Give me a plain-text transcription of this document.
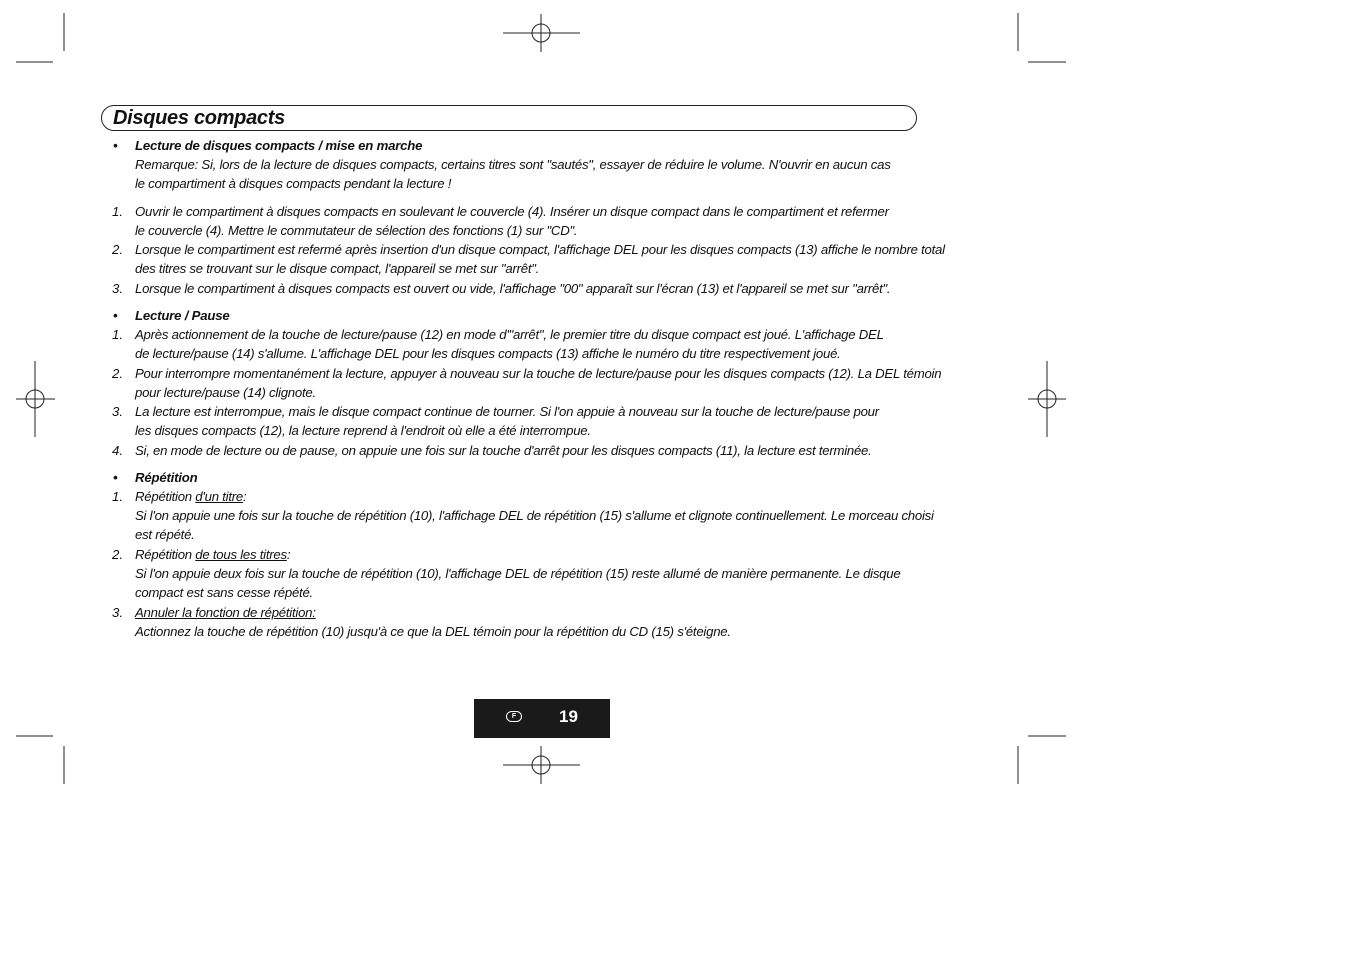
Disques compacts
• Lecture de disques compacts / mise en marche
Remarque: Si, lors de la lecture de disques compacts, certains titres sont "sautés", essayer de réduire le volume. N'ouvrir en aucun cas
le compartiment à disques compacts pendant la lecture !
1. Ouvrir le compartiment à disques compacts en soulevant le couvercle (4). Insérer un disque compact dans le compartiment et refermer
le couvercle (4). Mettre le commutateur de sélection des fonctions (1) sur "CD".
2. Lorsque le compartiment est refermé après insertion d'un disque compact, l'affichage DEL pour les disques compacts (13) affiche le nombre total
des titres se trouvant sur le disque compact, l'appareil se met sur "arrêt".
3. Lorsque le compartiment à disques compacts est ouvert ou vide, l'affichage "00" apparaît sur l'écran (13) et l'appareil se met sur "arrêt".
• Lecture / Pause
1. Après actionnement de la touche de lecture/pause (12) en mode d'"arrêt", le premier titre du disque compact est joué. L'affichage DEL
de lecture/pause (14) s'allume. L'affichage DEL pour les disques compacts (13) affiche le numéro du titre respectivement joué.
2. Pour interrompre momentanément la lecture, appuyer à nouveau sur la touche de lecture/pause pour les disques compacts (12). La DEL témoin
pour lecture/pause (14) clignote.
3. La lecture est interrompue, mais le disque compact continue de tourner. Si l'on appuie à nouveau sur la touche de lecture/pause pour
les disques compacts (12), la lecture reprend à l'endroit où elle a été interrompue.
4. Si, en mode de lecture ou de pause, on appuie une fois sur la touche d'arrêt pour les disques compacts (11), la lecture est terminée.
• Répétition
1. Répétition d'un titre:
Si l'on appuie une fois sur la touche de répétition (10), l'affichage DEL de répétition (15) s'allume et clignote continuellement. Le morceau choisi
est répété.
2. Répétition de tous les titres:
Si l'on appuie deux fois sur la touche de répétition (10), l'affichage DEL de répétition (15) reste allumé de manière permanente. Le disque
compact est sans cesse répété.
3. Annuler la fonction de répétition:
Actionnez la touche de répétition (10) jusqu'à ce que la DEL témoin pour la répétition du CD (15) s'éteigne.
F	19
